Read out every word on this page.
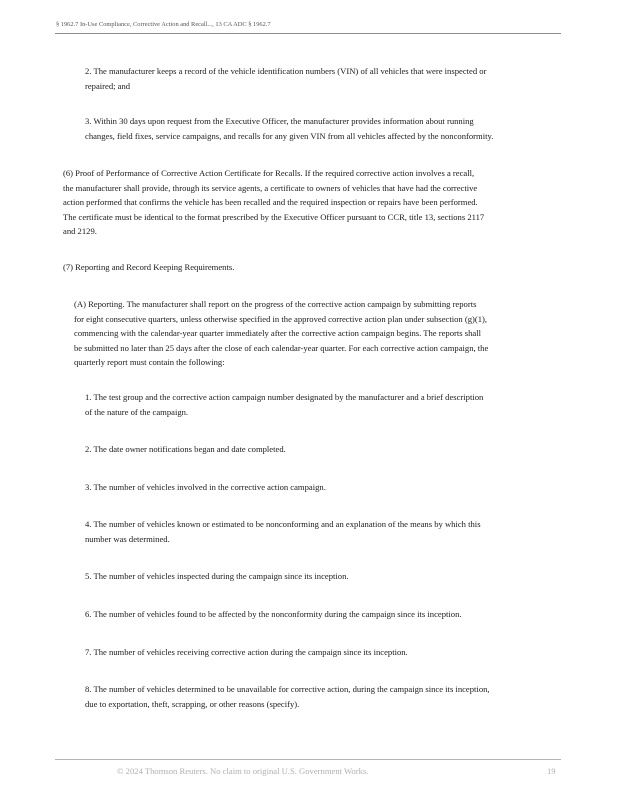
§ 1962.7 In-Use Compliance, Corrective Action and Recall..., 13 CA ADC § 1962.7
2. The manufacturer keeps a record of the vehicle identification numbers (VIN) of all vehicles that were inspected or
repaired; and
3. Within 30 days upon request from the Executive Officer, the manufacturer provides information about running
changes, field fixes, service campaigns, and recalls for any given VIN from all vehicles affected by the nonconformity.
(6) Proof of Performance of Corrective Action Certificate for Recalls. If the required corrective action involves a recall,
the manufacturer shall provide, through its service agents, a certificate to owners of vehicles that have had the corrective
action performed that confirms the vehicle has been recalled and the required inspection or repairs have been performed.
The certificate must be identical to the format prescribed by the Executive Officer pursuant to CCR, title 13, sections 2117
and 2129.
(7) Reporting and Record Keeping Requirements.
(A) Reporting. The manufacturer shall report on the progress of the corrective action campaign by submitting reports
for eight consecutive quarters, unless otherwise specified in the approved corrective action plan under subsection (g)(1),
commencing with the calendar-year quarter immediately after the corrective action campaign begins. The reports shall
be submitted no later than 25 days after the close of each calendar-year quarter. For each corrective action campaign, the
quarterly report must contain the following:
1. The test group and the corrective action campaign number designated by the manufacturer and a brief description
of the nature of the campaign.
2. The date owner notifications began and date completed.
3. The number of vehicles involved in the corrective action campaign.
4. The number of vehicles known or estimated to be nonconforming and an explanation of the means by which this
number was determined.
5. The number of vehicles inspected during the campaign since its inception.
6. The number of vehicles found to be affected by the nonconformity during the campaign since its inception.
7. The number of vehicles receiving corrective action during the campaign since its inception.
8. The number of vehicles determined to be unavailable for corrective action, during the campaign since its inception,
due to exportation, theft, scrapping, or other reasons (specify).
© 2024 Thomson Reuters. No claim to original U.S. Government Works.	19
